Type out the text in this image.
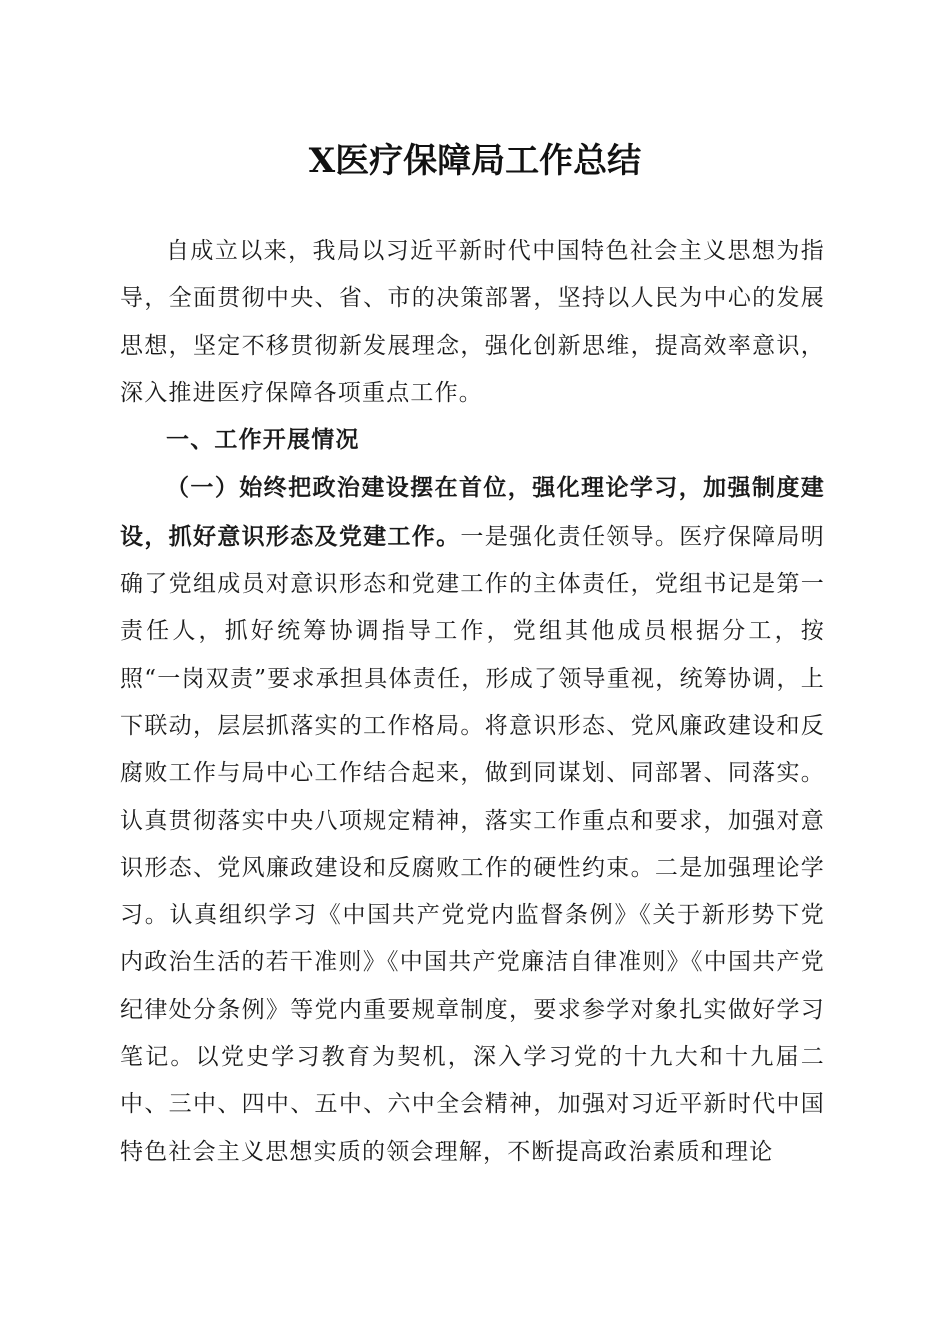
X医疗保障局工作总结

自成立以来，我局以习近平新时代中国特色社会主义思想为指导，全面贯彻中央、省、市的决策部署，坚持以人民为中心的发展思想，坚定不移贯彻新发展理念，强化创新思维，提高效率意识，深入推进医疗保障各项重点工作。

一、工作开展情况

（一）始终把政治建设摆在首位，强化理论学习，加强制度建设，抓好意识形态及党建工作。一是强化责任领导。医疗保障局明确了党组成员对意识形态和党建工作的主体责任，党组书记是第一责任人，抓好统筹协调指导工作，党组其他成员根据分工，按照“一岗双责”要求承担具体责任，形成了领导重视，统筹协调，上下联动，层层抓落实的工作格局。将意识形态、党风廉政建设和反腐败工作与局中心工作结合起来，做到同谋划、同部署、同落实。认真贯彻落实中央八项规定精神，落实工作重点和要求，加强对意识形态、党风廉政建设和反腐败工作的硬性约束。二是加强理论学习。认真组织学习《中国共产党党内监督条例》《关于新形势下党内政治生活的若干准则》《中国共产党廉洁自律准则》《中国共产党纪律处分条例》等党内重要规章制度，要求参学对象扎实做好学习笔记。以党史学习教育为契机，深入学习党的十九大和十九届二中、三中、四中、五中、六中全会精神，加强对习近平新时代中国特色社会主义思想实质的领会理解，不断提高政治素质和理论
